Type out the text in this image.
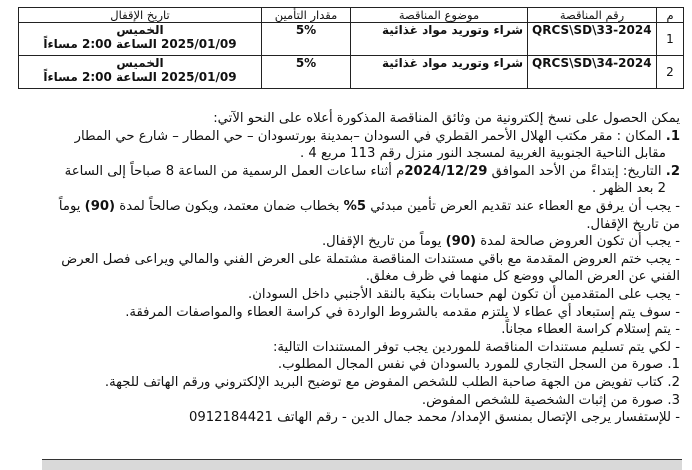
م	رقم المناقصة	موضوع المناقصة	مقدار التأمين	تاريخ الإقفال
1	QRCS\SD\33-2024	شراء وتوريد مواد غذائية	5%	الخميس
2025/01/09 الساعة 2:00 مساءاً

2	QRCS\SD\34-2024	شراء وتوريد مواد غذائية	5%	الخميس
2025/01/09 الساعة 2:00 مساءاً

يمكن الحصول على نسخ إلكترونية من وثائق المناقصة المذكورة أعلاه على النحو الآتي:

1. المكان : مقر مكتب الهلال الأحمر القطري في السودان –بمدينة بورتسودان – حي المطار – شارع حي المطار

مقابل الناحية الجنوبية الغربية لمسجد النور منزل رقم 113 مربع 4 .

2. التاريخ: إبتداءً من الأحد الموافق 2024/12/29م أثناء ساعات العمل الرسمية من الساعة 8 صباحاً إلى الساعة

2 بعد الظهر .

- يجب أن يرفق مع العطاء عند تقديم العرض تأمين مبدئي 5% بخطاب ضمان معتمد، ويكون صالحاً لمدة (90) يوماً

من تاريخ الإقفال.

- يجب أن تكون العروض صالحة لمدة (90) يوماً من تاريخ الإقفال.

- يجب ختم العروض المقدمة مع باقي مستندات المناقصة مشتملة على العرض الفني والمالي ويراعى فصل العرض

الفني عن العرض المالي ووضع كل منهما في ظرف مغلق.

- يجب على المتقدمين أن تكون لهم حسابات بنكية بالنقد الأجنبي داخل السودان.

- سوف يتم إستبعاد أي عطاء لا يلتزم مقدمه بالشروط الواردة في كراسة العطاء والمواصفات المرفقة.

- يتم إستلام كراسة العطاء مجاناً.

- لكي يتم تسليم مستندات المناقصة للموردين يجب توفر المستندات التالية:

1. صورة من السجل التجاري للمورد بالسودان في نفس المجال المطلوب.

2. كتاب تفويض من الجهة صاحبة الطلب للشخص المفوض مع توضيح البريد الإلكتروني ورقم الهاتف للجهة.

3. صورة من إثبات الشخصية للشخص المفوض.

- للإستفسار يرجى الإتصال بمنسق الإمداد/ محمد جمال الدين - رقم الهاتف 0912184421
